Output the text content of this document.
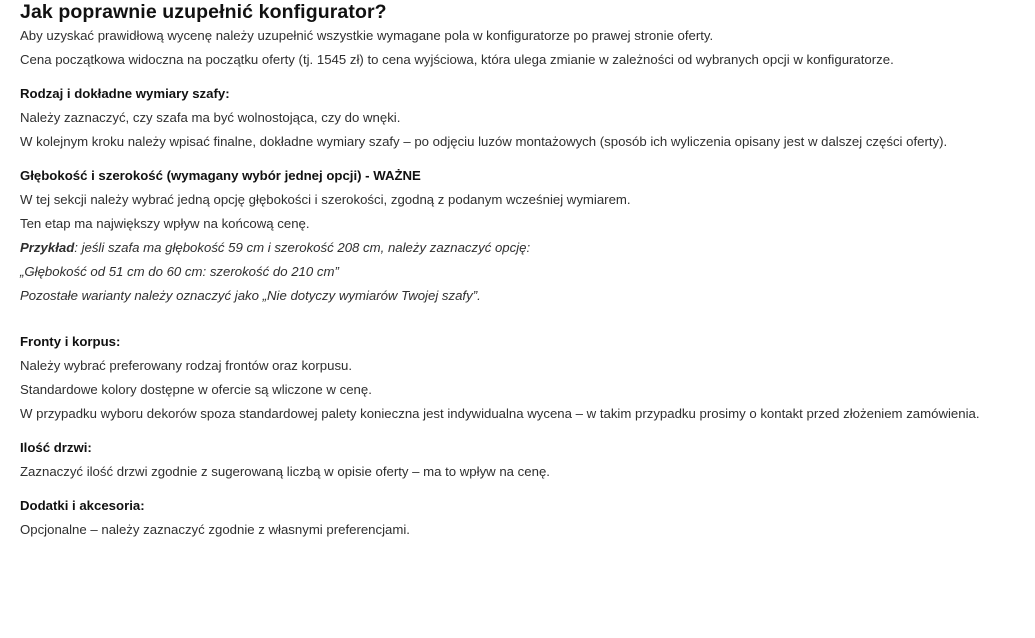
Jak poprawnie uzupełnić konfigurator?

Aby uzyskać prawidłową wycenę należy uzupełnić wszystkie wymagane pola w konfiguratorze po prawej stronie oferty.

Cena początkowa widoczna na początku oferty (tj. 1545 zł) to cena wyjściowa, która ulega zmianie w zależności od wybranych opcji w konfiguratorze.

Rodzaj i dokładne wymiary szafy:

Należy zaznaczyć, czy szafa ma być wolnostojąca, czy do wnęki.

W kolejnym kroku należy wpisać finalne, dokładne wymiary szafy – po odjęciu luzów montażowych (sposób ich wyliczenia opisany jest w dalszej części oferty).

Głębokość i szerokość (wymagany wybór jednej opcji) - WAŻNE

W tej sekcji należy wybrać jedną opcję głębokości i szerokości, zgodną z podanym wcześniej wymiarem.

Ten etap ma największy wpływ na końcową cenę.

Przykład: jeśli szafa ma głębokość 59 cm i szerokość 208 cm, należy zaznaczyć opcję:

„Głębokość od 51 cm do 60 cm: szerokość do 210 cm”

Pozostałe warianty należy oznaczyć jako „Nie dotyczy wymiarów Twojej szafy”.

Fronty i korpus:

Należy wybrać preferowany rodzaj frontów oraz korpusu.

Standardowe kolory dostępne w ofercie są wliczone w cenę.

W przypadku wyboru dekorów spoza standardowej palety konieczna jest indywidualna wycena – w takim przypadku prosimy o kontakt przed złożeniem zamówienia.

Ilość drzwi:

Zaznaczyć ilość drzwi zgodnie z sugerowaną liczbą w opisie oferty – ma to wpływ na cenę.

Dodatki i akcesoria:

Opcjonalne – należy zaznaczyć zgodnie z własnymi preferencjami.
